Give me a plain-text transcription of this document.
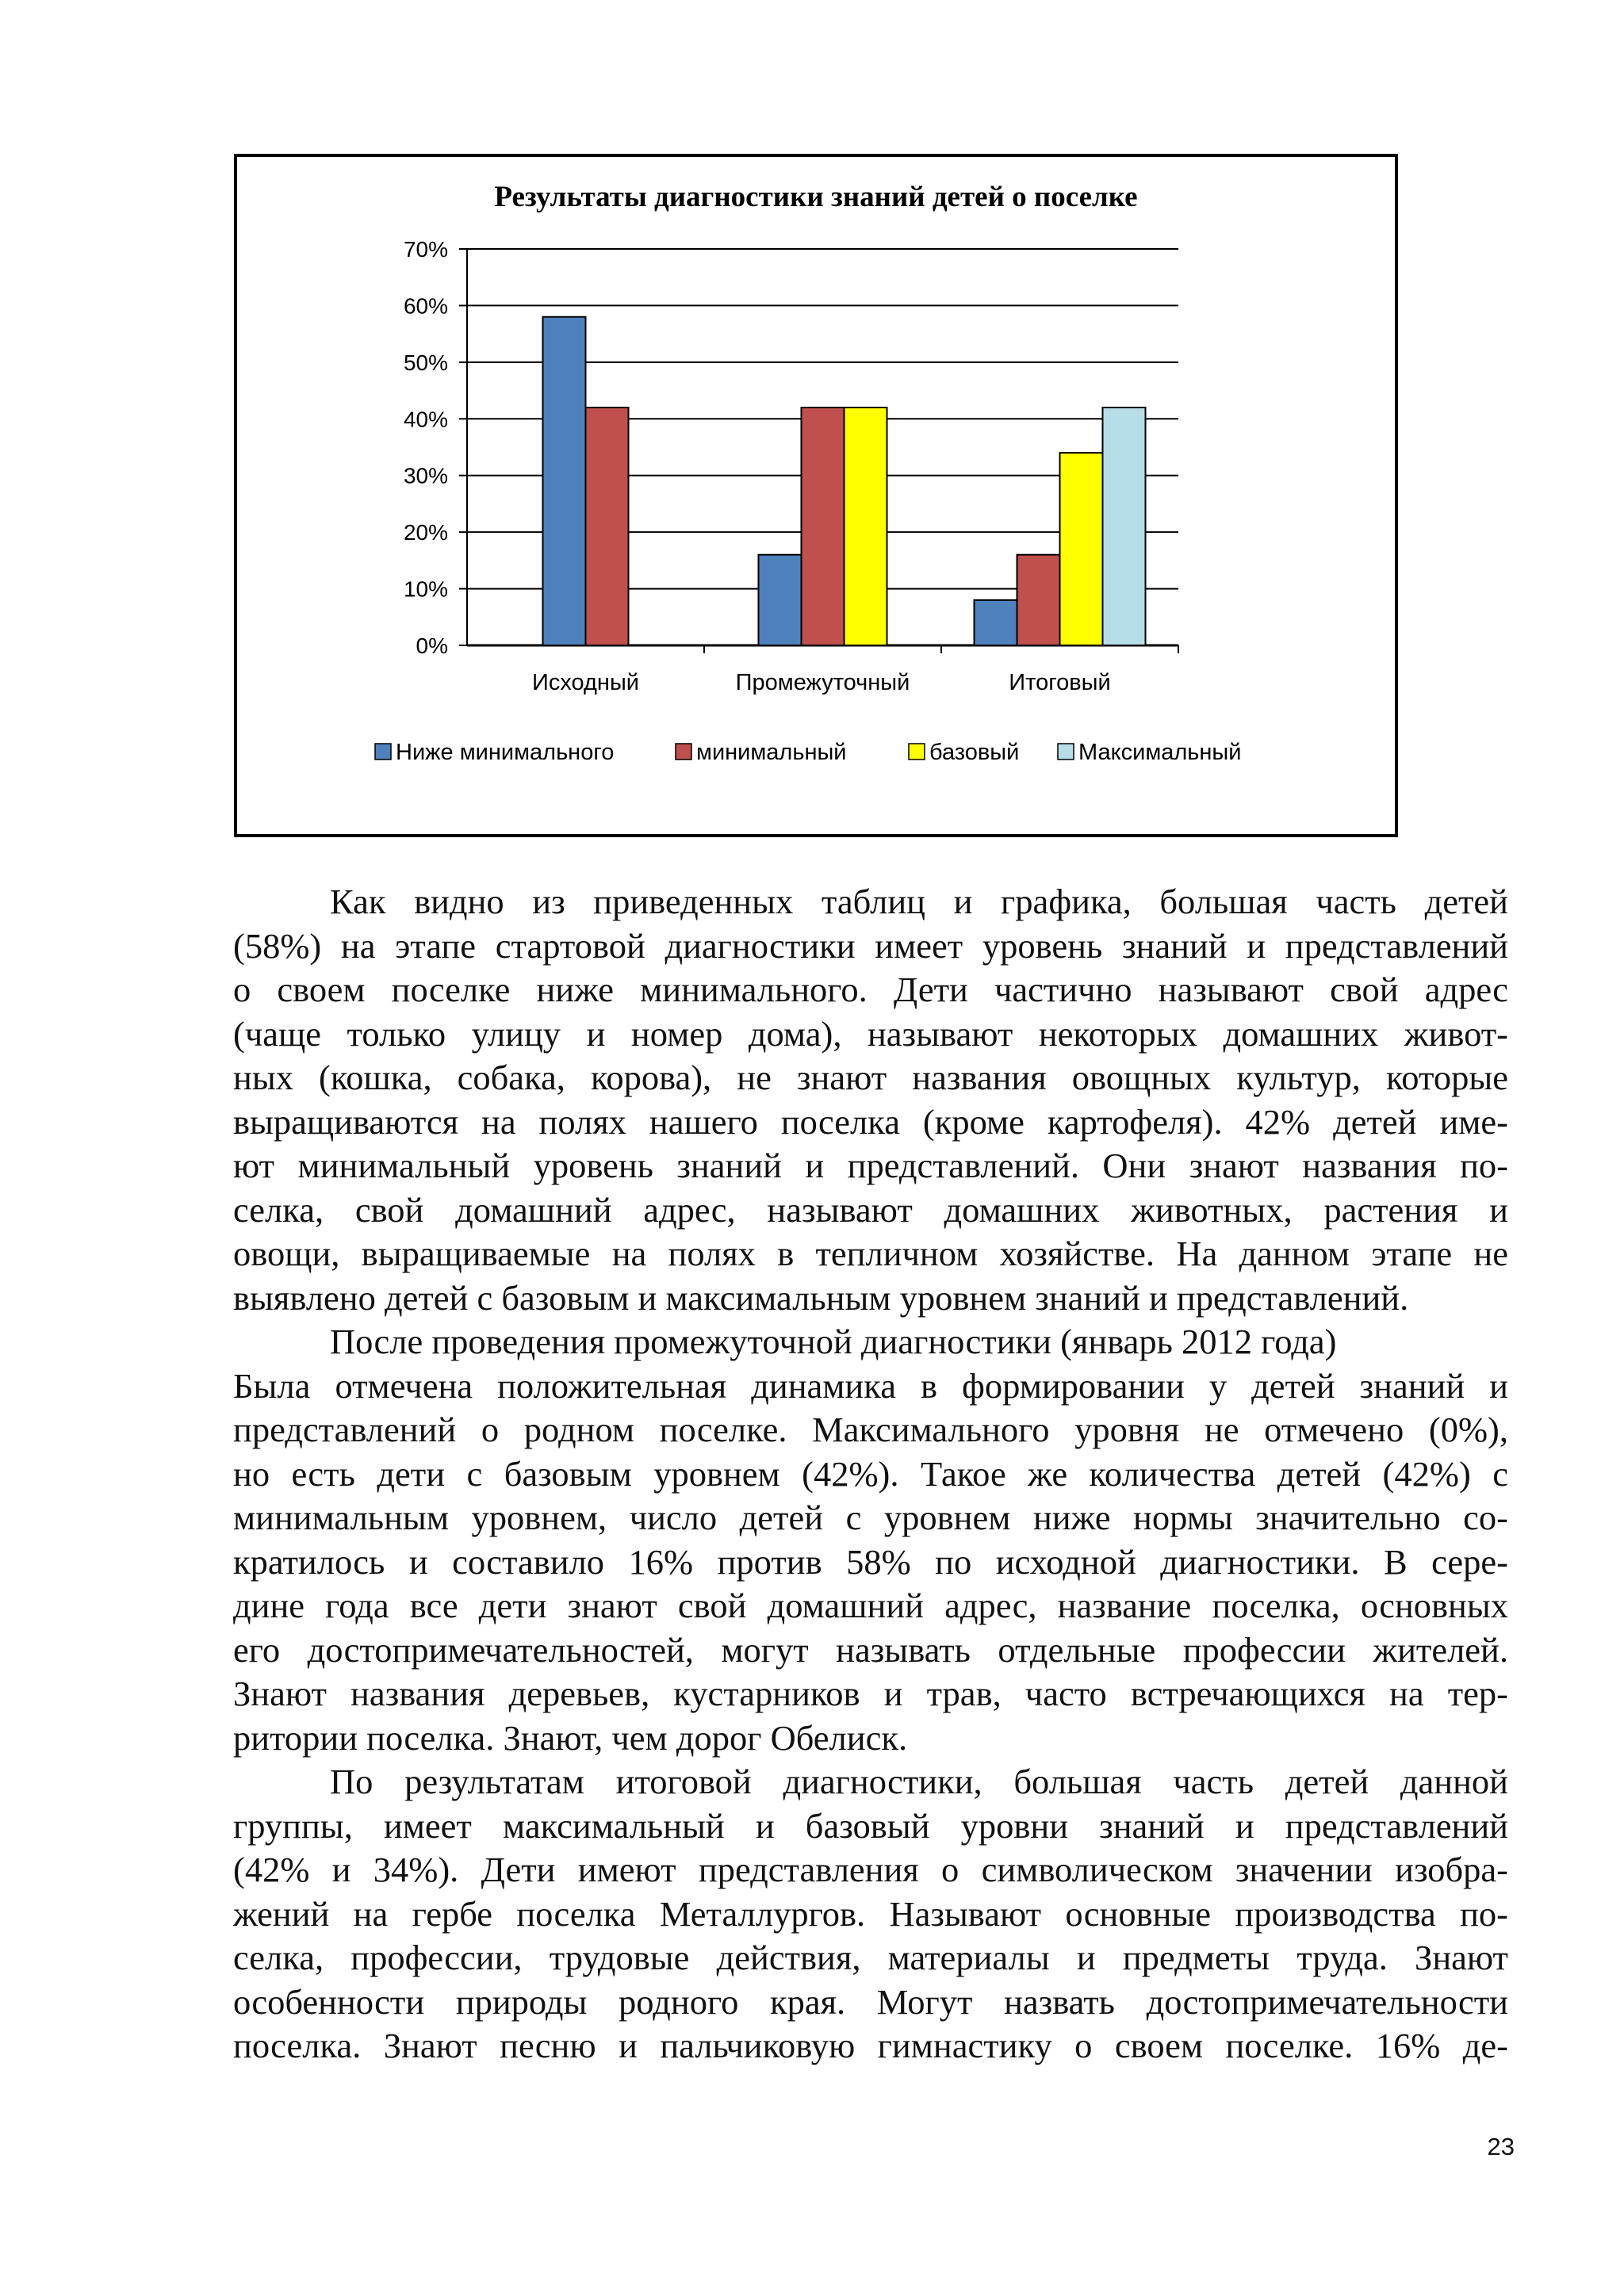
Результаты диагностики знаний детей о поселке
0%
10%
20%
30%
40%
50%
60%
70%
Исходный	Промежуточный	Итоговый
Ниже минимального	минимальный	базовый	Максимальный
Как видно из приведенных таблиц и графика, большая часть детей
(58%) на этапе стартовой диагностики имеет уровень знаний и представлений
о своем поселке ниже минимального. Дети частично называют свой адрес
(чаще только улицу и номер дома), называют некоторых домашних живот-
ных (кошка, собака, корова), не знают названия овощных культур, которые
выращиваются на полях нашего поселка (кроме картофеля). 42% детей име-
ют минимальный уровень знаний и представлений. Они знают названия по-
селка, свой домашний адрес, называют домашних животных, растения и
овощи, выращиваемые на полях в тепличном хозяйстве. На данном этапе не
выявлено детей с базовым и максимальным уровнем знаний и представлений.
После проведения промежуточной диагностики (январь 2012 года)
Была отмечена положительная динамика в формировании у детей знаний и
представлений о родном поселке. Максимального уровня не отмечено (0%),
но есть дети с базовым уровнем (42%). Такое же количества детей (42%) с
минимальным уровнем, число детей с уровнем ниже нормы значительно со-
кратилось и составило 16% против 58% по исходной диагностики. В сере-
дине года все дети знают свой домашний адрес, название поселка, основных
его достопримечательностей, могут называть отдельные профессии жителей.
Знают названия деревьев, кустарников и трав, часто встречающихся на тер-
ритории поселка. Знают, чем дорог Обелиск.
По результатам итоговой диагностики, большая часть детей данной
группы, имеет максимальный и базовый уровни знаний и представлений
(42% и 34%). Дети имеют представления о символическом значении изобра-
жений на гербе поселка Металлургов. Называют основные производства по-
селка, профессии, трудовые действия, материалы и предметы труда. Знают
особенности природы родного края. Могут назвать достопримечательности
поселка. Знают песню и пальчиковую гимнастику о своем поселке. 16% де-
23
